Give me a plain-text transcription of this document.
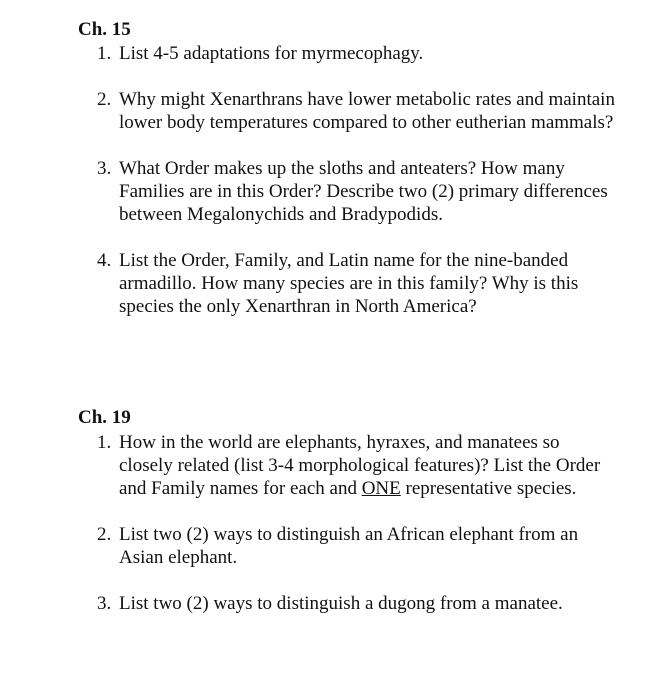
Ch. 15
1. List 4-5 adaptations for myrmecophagy.
2. Why might Xenarthrans have lower metabolic rates and maintain lower body temperatures compared to other eutherian mammals?
3. What Order makes up the sloths and anteaters? How many Families are in this Order? Describe two (2) primary differences between Megalonychids and Bradypodids.
4. List the Order, Family, and Latin name for the nine-banded armadillo. How many species are in this family? Why is this species the only Xenarthran in North America?
Ch. 19
1. How in the world are elephants, hyraxes, and manatees so closely related (list 3-4 morphological features)? List the Order and Family names for each and ONE representative species.
2. List two (2) ways to distinguish an African elephant from an Asian elephant.
3. List two (2) ways to distinguish a dugong from a manatee.
